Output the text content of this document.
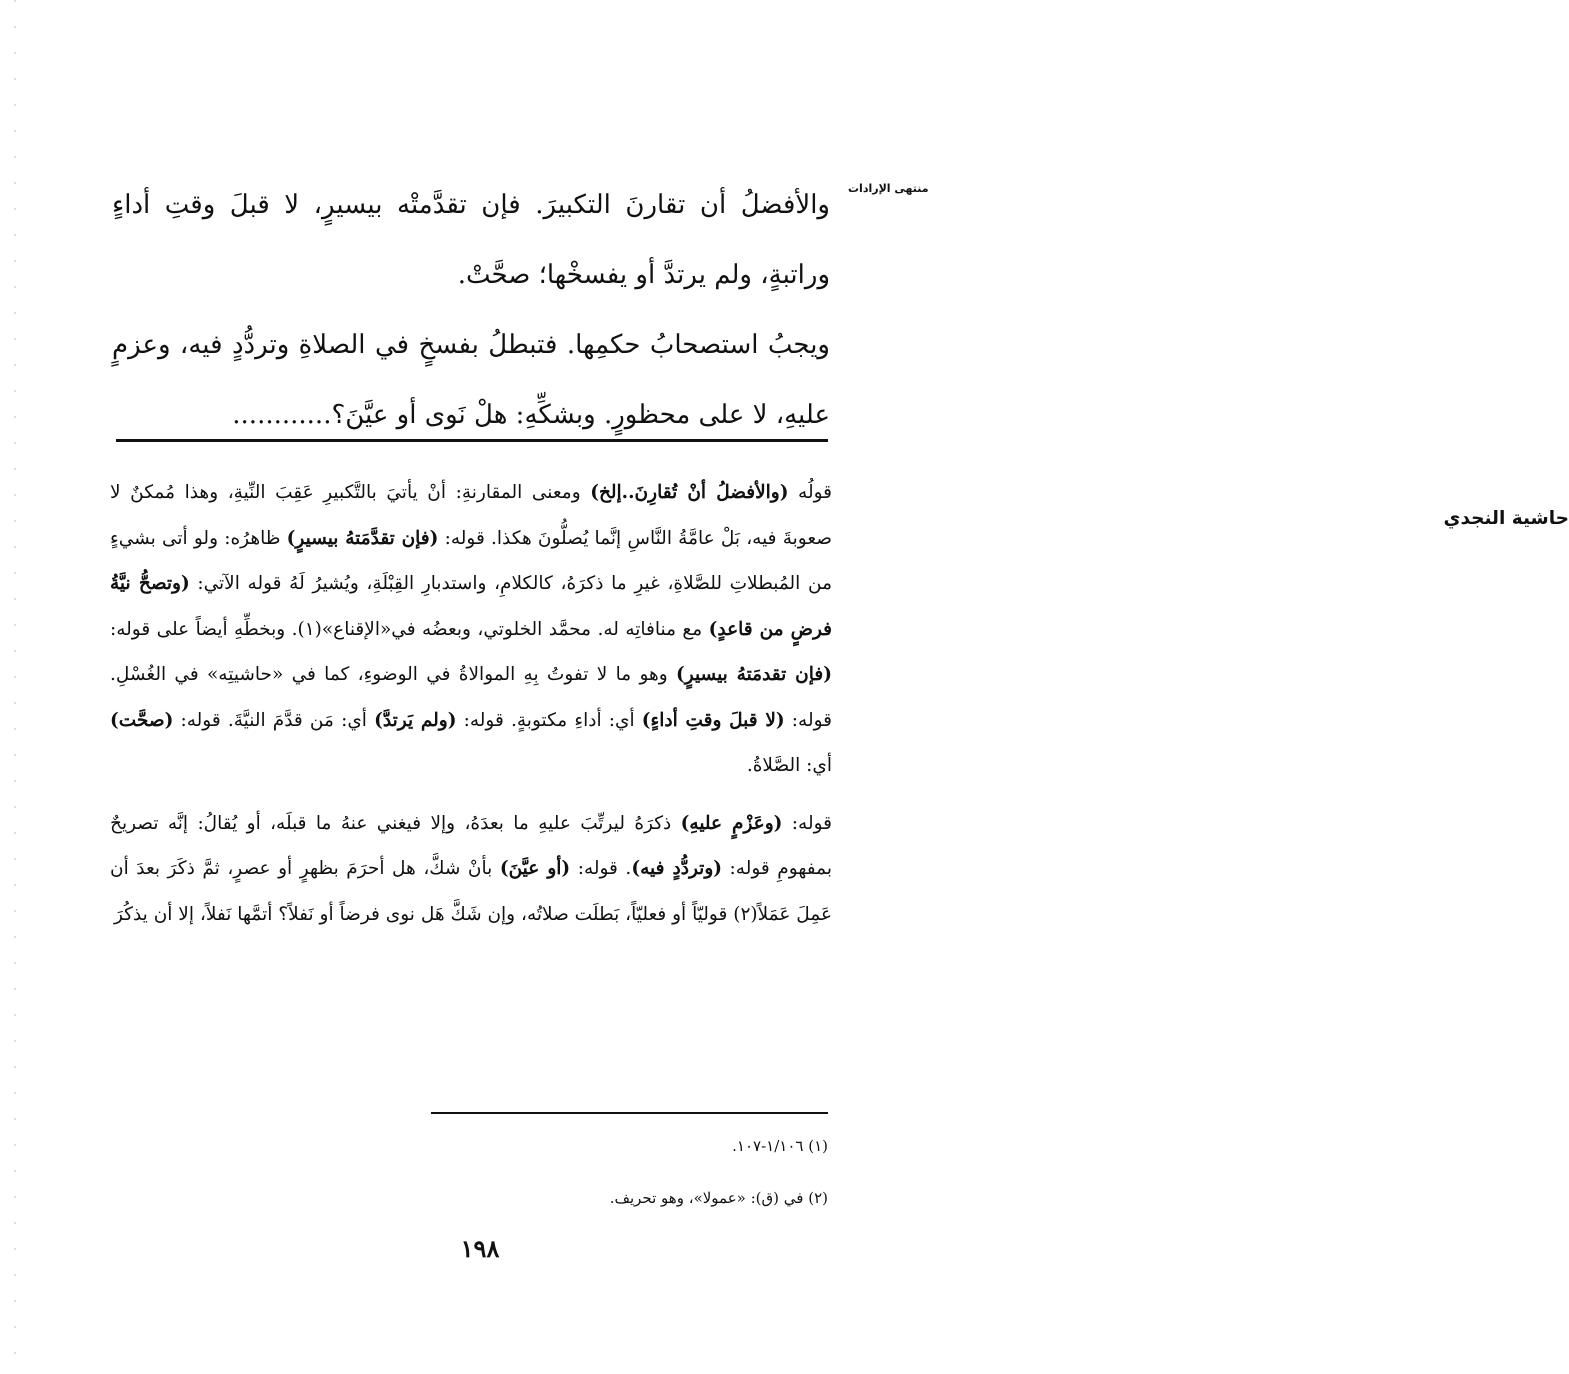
منتهى الإرادات

والأفضلُ أن تقارنَ التكبيرَ. فإن تقدَّمتْه بيسيرٍ، لا قبلَ وقتِ أداءٍ وراتبةٍ، ولم يرتدَّ أو يفسخْها؛ صحَّتْ.

ويجبُ استصحابُ حكمِها. فتبطلُ بفسخٍ في الصلاةِ وتردُّدٍ فيه، وعزمٍ عليهِ، لا على محظورٍ. وبشكِّهِ: هلْ نَوى أو عيَّنَ؟............

حاشية النجدي

قولُه (والأفضلُ أنْ تُقارِنَ..إلخ) ومعنى المقارنةِ: أنْ يأتيَ بالتَّكبيرِ عَقِبَ النِّيةِ، وهذا مُمكنٌ لا صعوبةَ فيه، بَلْ عامَّةُ النَّاسِ إنَّما يُصلُّونَ هكذا. قوله: (فإن تقدَّمَتهُ بيسيرٍ) ظاهرُه: ولو أتى بشيءٍ من المُبطلاتِ للصَّلاةِ، غيرِ ما ذكرَهُ، كالكلامِ، واستدبارِ القِبْلَةِ، ويُشيرُ لَهُ قوله الآتي: (وتصحُّ نيَّةُ فرضٍ من قاعدٍ) مع منافاتِه له. محمَّد الخلوتي، وبعضُه في«الإقناع»(١). وبخطِّهِ أيضاً على قوله: (فإن تقدمَتهُ بيسيرٍ) وهو ما لا تفوتُ بِهِ الموالاةُ في الوضوءِ، كما في «حاشيتِه» في الغُسْلِ. قوله: (لا قبلَ وقتِ أداءٍ) أي: أداءِ مكتوبةٍ. قوله: (ولم يَرتدَّ) أي: مَن قدَّمَ النيَّةَ. قوله: (صحَّت) أي: الصَّلاةُ.

قوله: (وعَزْمٍ عليهِ) ذكرَهُ ليرتِّبَ عليهِ ما بعدَهُ، وإلا فيغني عنهُ ما قبلَه، أو يُقالُ: إنَّه تصريحٌ بمفهومِ قوله: (وتردُّدٍ فيه). قوله: (أو عيَّنَ) بأنْ شكَّ، هل أحرَمَ بظهرٍ أو عصرٍ، ثمَّ ذكَرَ بعدَ أن عَمِلَ عَمَلاً(٢) قوليّاً أو فعليّاً، بَطلَت صلاتُه، وإن شَكَّ هَل نوى فرضاً أو نَفلاً؟ أتمَّها نَفلاً، إلا أن يذكُرَ

(١) ١/١٠٦-١٠٧.
(٢) في (ق): «عمولا»، وهو تحريف.
١٩٨
